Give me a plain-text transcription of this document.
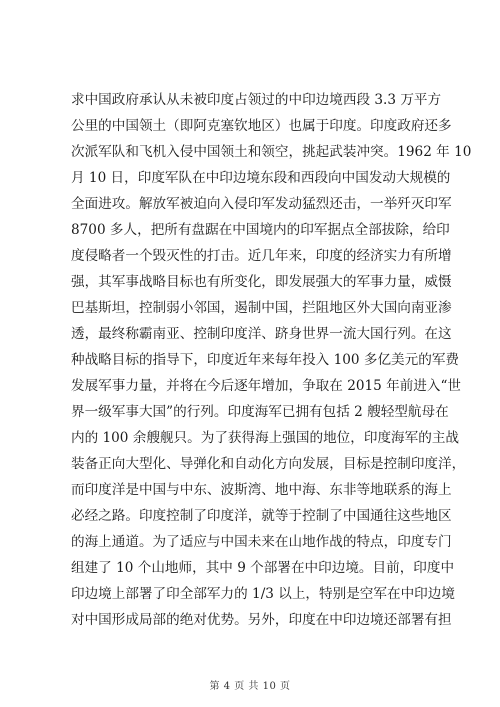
求中国政府承认从未被印度占领过的中印边境西段 3.3 万平方
公里的中国领土（即阿克塞钦地区）也属于印度。印度政府还多
次派军队和飞机入侵中国领土和领空，挑起武装冲突。1962 年 10
月 10 日，印度军队在中印边境东段和西段向中国发动大规模的
全面进攻。解放军被迫向入侵印军发动猛烈还击，一举歼灭印军
8700 多人，把所有盘踞在中国境内的印军据点全部拔除，给印
度侵略者一个毁灭性的打击。近几年来，印度的经济实力有所增
强，其军事战略目标也有所变化，即发展强大的军事力量，威慑
巴基斯坦，控制弱小邻国，遏制中国，拦阻地区外大国向南亚渗
透，最终称霸南亚、控制印度洋、跻身世界一流大国行列。在这
种战略目标的指导下，印度近年来每年投入 100 多亿美元的军费
发展军事力量，并将在今后逐年增加，争取在 2015 年前进入“世
界一级军事大国”的行列。印度海军已拥有包括 2 艘轻型航母在
内的 100 余艘舰只。为了获得海上强国的地位，印度海军的主战
装备正向大型化、导弹化和自动化方向发展，目标是控制印度洋，
而印度洋是中国与中东、波斯湾、地中海、东非等地联系的海上
必经之路。印度控制了印度洋，就等于控制了中国通往这些地区
的海上通道。为了适应与中国未来在山地作战的特点，印度专门
组建了 10 个山地师，其中 9 个部署在中印边境。目前，印度中
印边境上部署了印全部军力的 1/3 以上，特别是空军在中印边境
对中国形成局部的绝对优势。另外，印度在中印边境还部署有担
第 4 页 共 10 页
